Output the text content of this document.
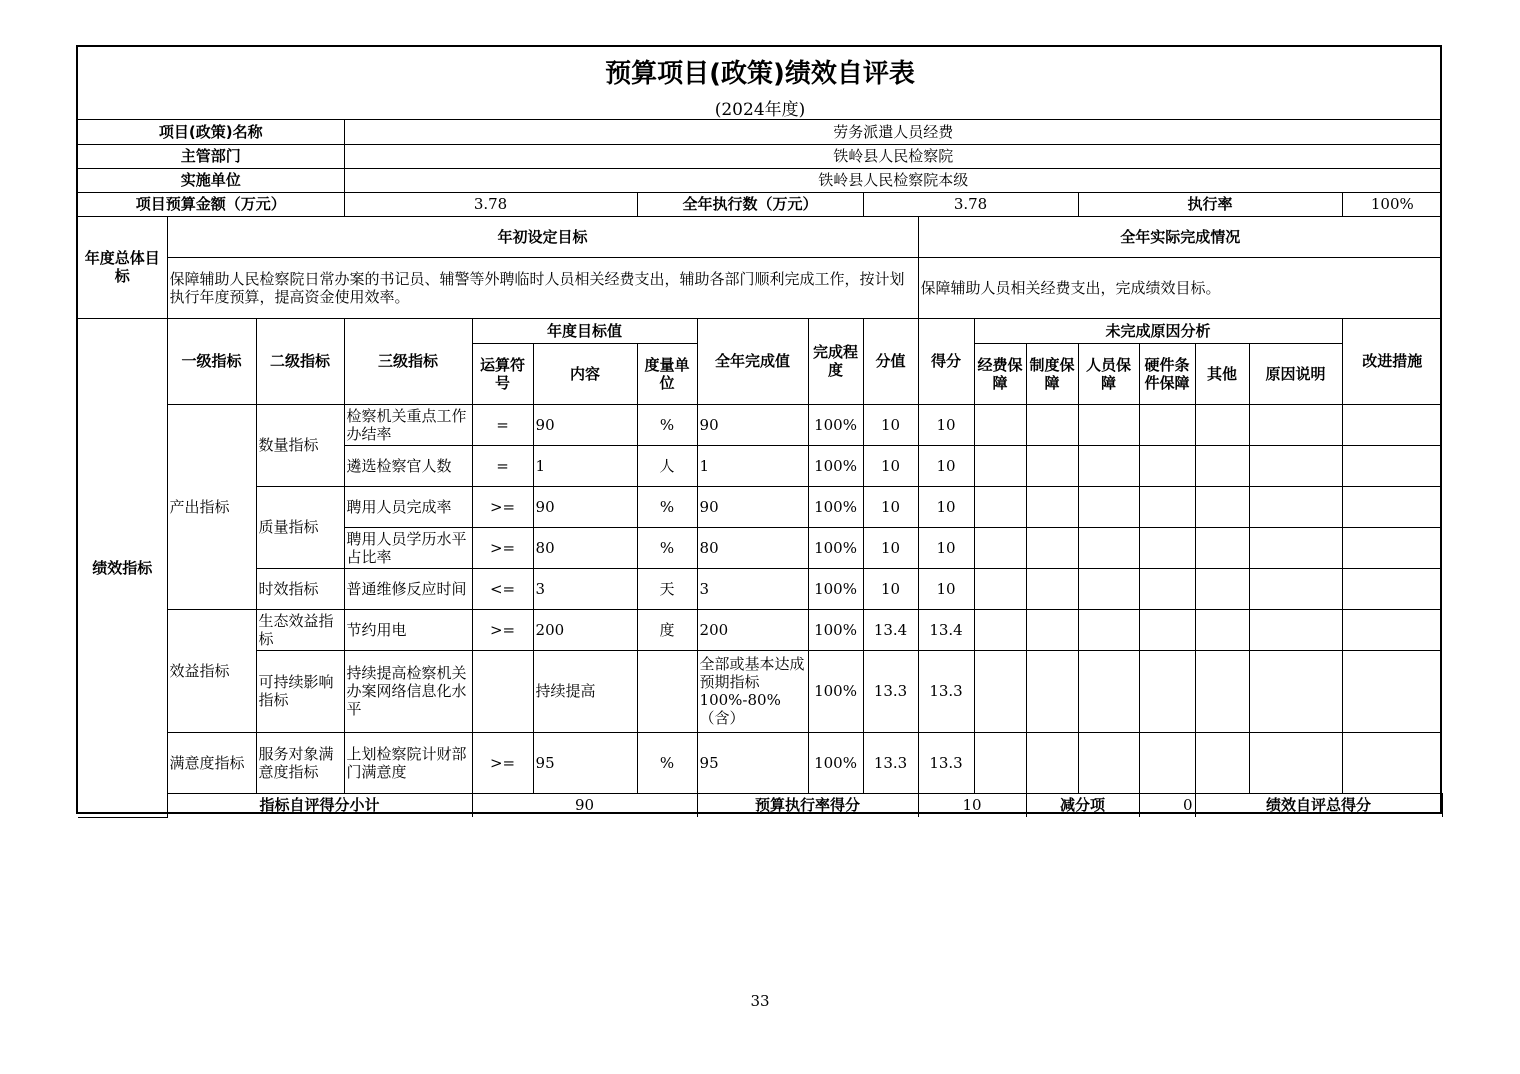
预算项目(政策)绩效自评表
(2024年度)
项目(政策)名称			劳务派遣人员经费															
主管部门			铁岭县人民检察院															
实施单位			铁岭县人民检察院本级															
项目预算金额（万元）			3.78			全年执行数（万元）			3.78				执行率				100%	
年度总体目标	年初设定目标									全年实际完成情况								
	保障辅助人民检察院日常办案的书记员、辅警等外聘临时人员相关经费支出，辅助各部门顺利完成工作，按计划执行年度预算，提高资金使用效率。									保障辅助人员相关经费支出，完成绩效目标。								
绩效指标	一级指标	二级指标	三级指标	年度目标值			全年完成值	完成程度	分值	得分	未完成原因分析						改进措施	
				运算符号	内容	度量单位					经费保障	制度保障	人员保障	硬件条件保障	其他	原因说明		
	产出指标	数量指标	检察机关重点工作办结率	=	90	%	90	100%	10	10								
			遴选检察官人数	=	1	人	1	100%	10	10								
		质量指标	聘用人员完成率	>=	90	%	90	100%	10	10								
			聘用人员学历水平占比率	>=	80	%	80	100%	10	10								
		时效指标	普通维修反应时间	<=	3	天	3	100%	10	10								
	效益指标	生态效益指标	节约用电	>=	200	度	200	100%	13.4	13.4								
		可持续影响指标	持续提高检察机关办案网络信息化水平		持续提高		全部或基本达成预期指标100%-80%（含）	100%	13.3	13.3								
	满意度指标	服务对象满意度指标	上划检察院计财部门满意度	>=	95	%	95	100%	13.3	13.3								
	指标自评得分小计			90			预算执行率得分			10		减分项		0	绩效自评总得分	
33
